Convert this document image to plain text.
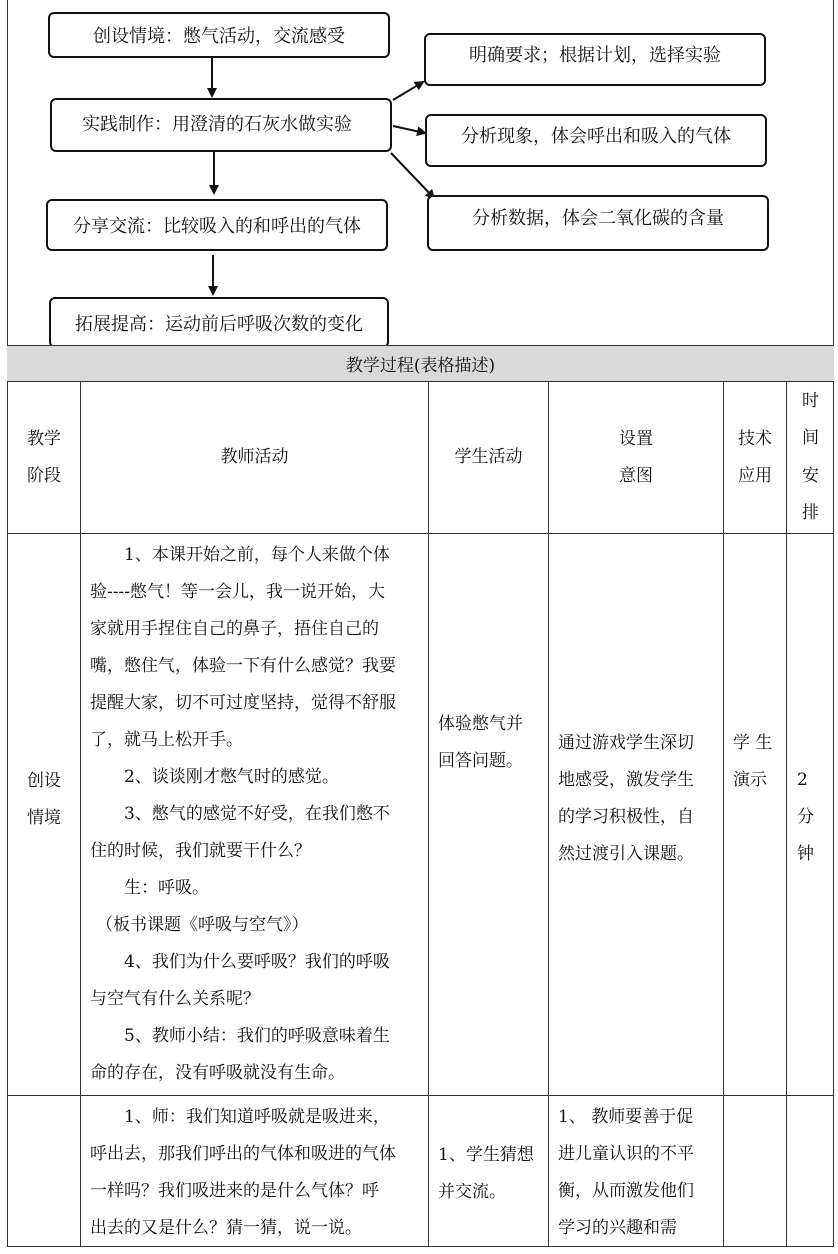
创设情境：憋气活动，交流感受
实践制作：用澄清的石灰水做实验
分享交流：比较吸入的和呼出的气体
拓展提高：运动前后呼吸次数的变化
明确要求；根据计划，选择实验
分析现象，体会呼出和吸入的气体
分析数据，体会二氧化碳的含量
教学过程(表格描述)
教学
阶段
教师活动	学生活动
设置
意图
技术
应用
时
间
安
排
创设
情境

1、本课开始之前，每个人来做个体

验----憋气！等一会儿，我一说开始，大

家就用手捏住自己的鼻子，捂住自己的

嘴，憋住气，体验一下有什么感觉？我要

提醒大家，切不可过度坚持，觉得不舒服

了，就马上松开手。

2、谈谈刚才憋气时的感觉。

3、憋气的感觉不好受，在我们憋不

住的时候，我们就要干什么？

生：呼吸。

（板书课题《呼吸与空气》）

4、我们为什么要呼吸？我们的呼吸

与空气有什么关系呢？

5、教师小结：我们的呼吸意味着生

命的存在，没有呼吸就没有生命。

体验憋气并

回答问题。

通过游戏学生深切

地感受，激发学生

的学习积极性，自

然过渡引入课题。

学 生

演示	2

分

钟

1、师：我们知道呼吸就是吸进来，

呼出去，那我们呼出的气体和吸进的气体

一样吗？我们吸进来的是什么气体？呼

出去的又是什么？猜一猜，说一说。

1、学生猜想

并交流。

1、 教师要善于促

进儿童认识的不平

衡，从而激发他们

学习的兴趣和需
